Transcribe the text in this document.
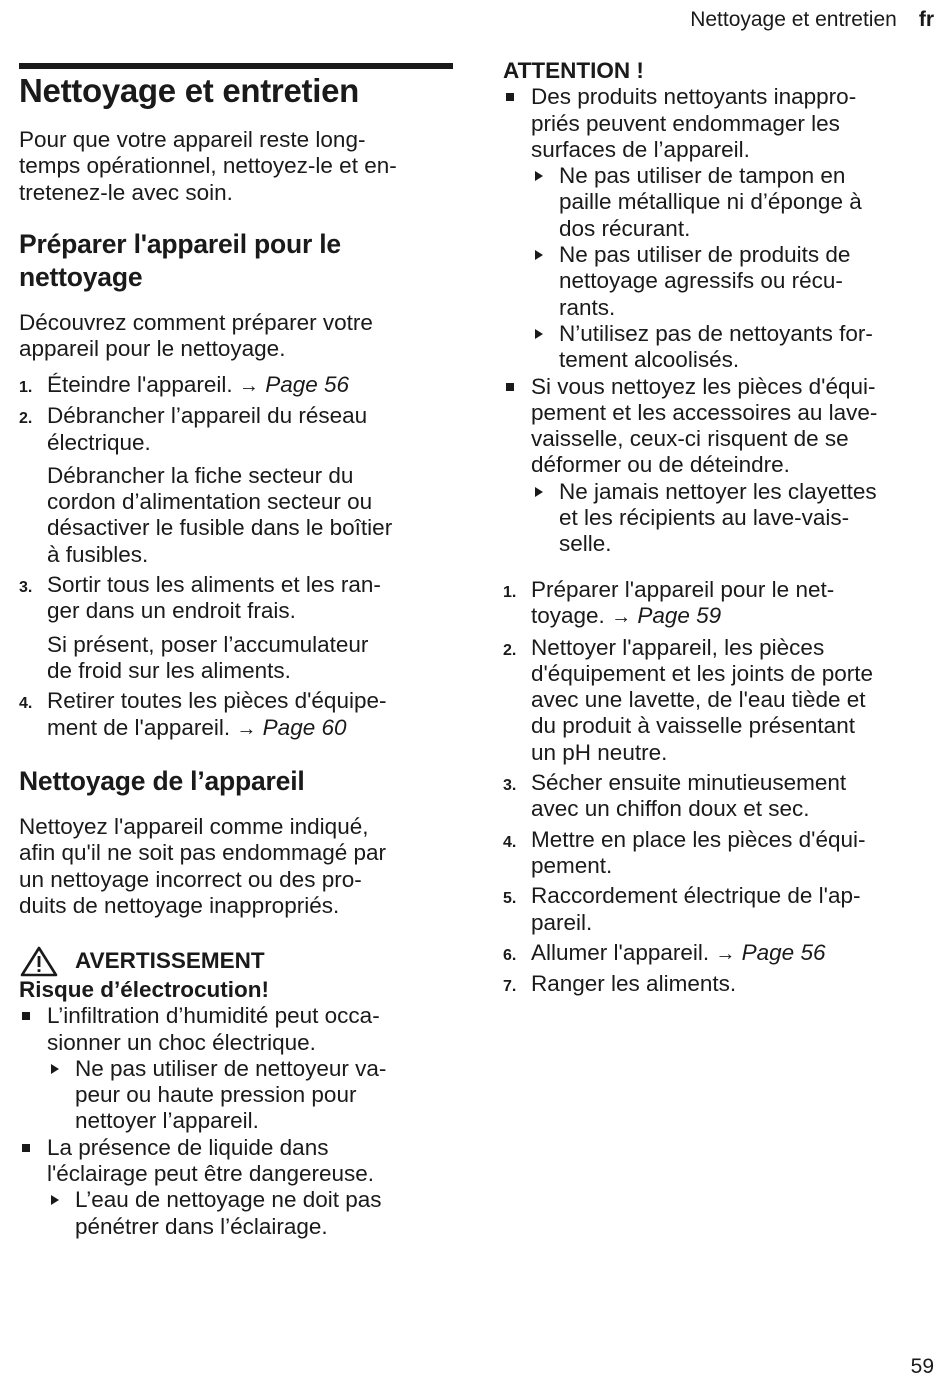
Nettoyage et entretien fr
Nettoyage et entretien
Pour que votre appareil reste long-
temps opérationnel, nettoyez-le et en-
tretenez-le avec soin.
Préparer l'appareil pour le
nettoyage
Découvrez comment préparer votre
appareil pour le nettoyage.
1. Éteindre l'appareil. → Page 56
2. Débrancher l’appareil du réseau
électrique.
Débrancher la fiche secteur du
cordon d’alimentation secteur ou
désactiver le fusible dans le boîtier
à fusibles.
3. Sortir tous les aliments et les ran-
ger dans un endroit frais.
Si présent, poser l’accumulateur
de froid sur les aliments.
4. Retirer toutes les pièces d'équipe-
ment de l'appareil. → Page 60
Nettoyage de l’appareil
Nettoyez l'appareil comme indiqué,
afin qu'il ne soit pas endommagé par
un nettoyage incorrect ou des pro-
duits de nettoyage inappropriés.
AVERTISSEMENT
Risque d’électrocution!
L’infiltration d’humidité peut occa-
sionner un choc électrique.
Ne pas utiliser de nettoyeur va-
peur ou haute pression pour
nettoyer l’appareil.
La présence de liquide dans
l'éclairage peut être dangereuse.
L’eau de nettoyage ne doit pas
pénétrer dans l’éclairage.
ATTENTION !
Des produits nettoyants inappro-
priés peuvent endommager les
surfaces de l’appareil.
Ne pas utiliser de tampon en
paille métallique ni d’éponge à
dos récurant.
Ne pas utiliser de produits de
nettoyage agressifs ou récu-
rants.
N’utilisez pas de nettoyants for-
tement alcoolisés.
Si vous nettoyez les pièces d'équi-
pement et les accessoires au lave-
vaisselle, ceux-ci risquent de se
déformer ou de déteindre.
Ne jamais nettoyer les clayettes
et les récipients au lave-vais-
selle.
1. Préparer l'appareil pour le net-
toyage. → Page 59
2. Nettoyer l'appareil, les pièces
d'équipement et les joints de porte
avec une lavette, de l'eau tiède et
du produit à vaisselle présentant
un pH neutre.
3. Sécher ensuite minutieusement
avec un chiffon doux et sec.
4. Mettre en place les pièces d'équi-
pement.
5. Raccordement électrique de l'ap-
pareil.
6. Allumer l'appareil. → Page 56
7. Ranger les aliments.
59
